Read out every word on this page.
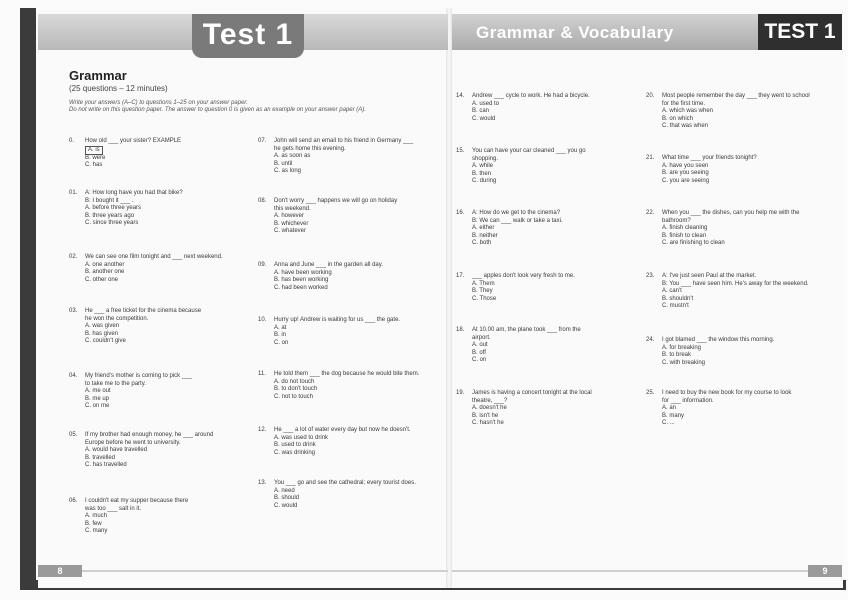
Test 1	Grammar & Vocabulary	TEST 1
Grammar
(25 questions – 12 minutes)
Write your answers (A–C) to questions 1–25 on your answer paper.
Do not write on this question paper. The answer to question 0 is given as an example on your answer paper (A).
0. How old ___ your sister? EXAMPLE
A. is
B. were
C. has
01. A: How long have you had that bike?
B: I bought it ___ .
A. before three years
B. three years ago
C. since three years
02. We can see one film tonight and ___ next weekend.
A. one another
B. another one
C. other one
03. He ___ a free ticket for the cinema because
he won the competition.
A. was given
B. has given
C. couldn't give
04. My friend's mother is coming to pick ___
to take me to the party.
A. me out
B. me up
C. on me
05. If my brother had enough money, he ___ around
Europe before he went to university.
A. would have travelled
B. travelled
C. has travelled
06. I couldn't eat my supper because there
was too ___ salt in it.
A. much
B. few
C. many
07. John will send an email to his friend in Germany ___
he gets home this evening.
A. as soon as
B. until
C. as long
08. Don't worry ___ happens we will go on holiday
this weekend.
A. however
B. whichever
C. whatever
09. Anna and June ___ in the garden all day.
A. have been working
B. has been working
C. had been worked
10. Hurry up! Andrew is waiting for us ___ the gate.
A. at
B. in
C. on
11. He told them ___ the dog because he would bite them.
A. do not touch
B. to don't touch
C. not to touch
12. He ___ a lot of water every day but now he doesn't.
A. was used to drink
B. used to drink
C. was drinking
13. You ___ go and see the cathedral; every tourist does.
A. need
B. should
C. would
14. Andrew ___ cycle to work. He had a bicycle.
A. used to
B. can
C. would
15. You can have your car cleaned ___ you go
shopping.
A. while
B. then
C. during
16. A: How do we get to the cinema?
B: We can ___ walk or take a taxi.
A. either
B. neither
C. both
17. ___ apples don't look very fresh to me.
A. Them
B. They
C. Those
18. At 10.00 am, the plane took ___ from the
airport.
A. out
B. off
C. on
19. James is having a concert tonight at the local
theatre, ___?
A. doesn't he
B. isn't he
C. hasn't he
20. Most people remember the day ___ they went to school
for the first time.
A. which was when
B. on which
C. that was when
21. What time ___ your friends tonight?
A. have you seen
B. are you seeing
C. you are seeing
22. When you ___ the dishes, can you help me with the
bathroom?
A. finish cleaning
B. finish to clean
C. are finishing to clean
23. A: I've just seen Paul at the market.
B: You ___ have seen him. He's away for the weekend.
A. can't
B. shouldn't
C. mustn't
24. I got blamed ___ the window this morning.
A. for breaking
B. to break
C. with breaking
25. I need to buy the new book for my course to look
for ___ information.
A. an
B. many
C. ...
8	9
